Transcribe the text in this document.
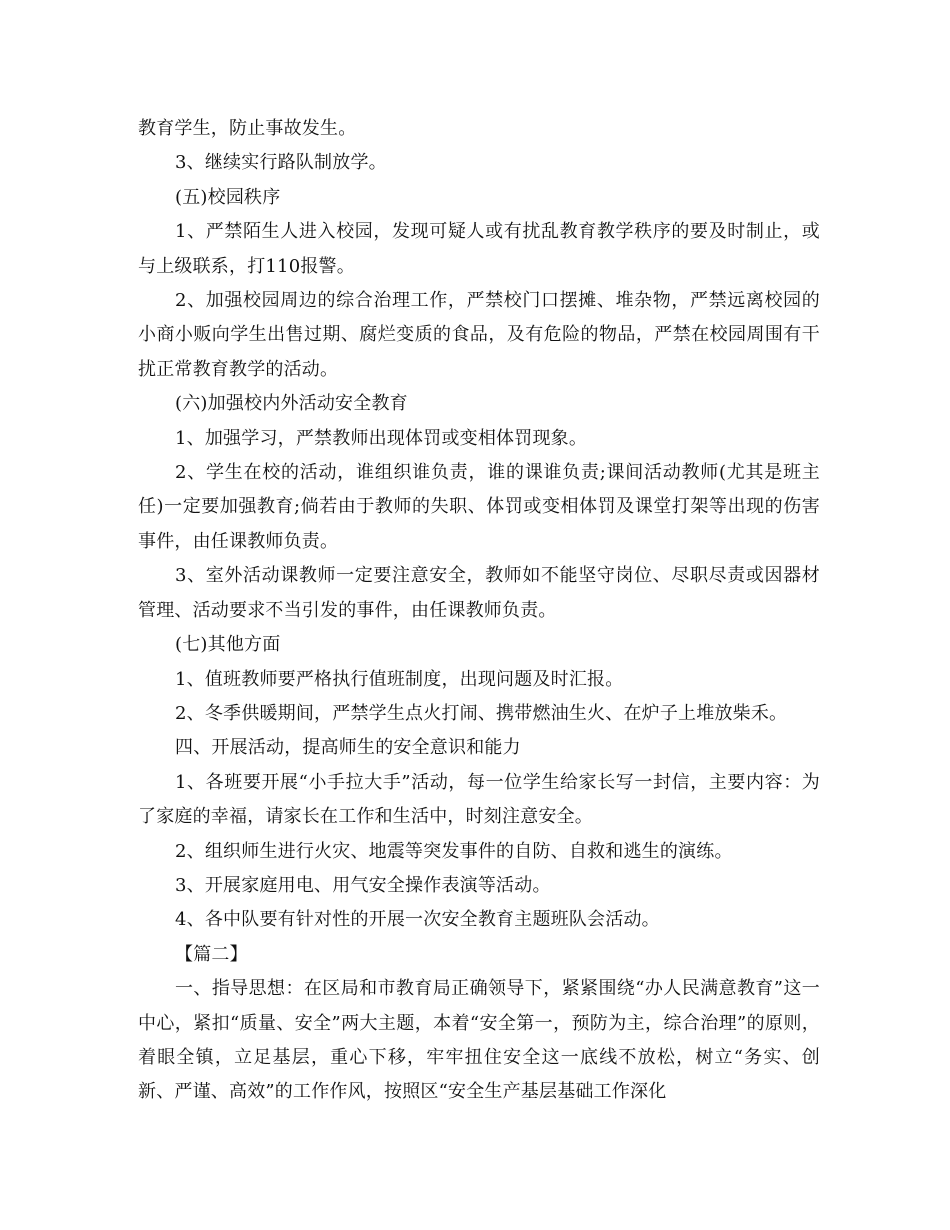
教育学生，防止事故发生。

3、继续实行路队制放学。

(五)校园秩序

1、严禁陌生人进入校园，发现可疑人或有扰乱教育教学秩序的要及时制止，或与上级联系，打110报警。

2、加强校园周边的综合治理工作，严禁校门口摆摊、堆杂物，严禁远离校园的小商小贩向学生出售过期、腐烂变质的食品，及有危险的物品，严禁在校园周围有干扰正常教育教学的活动。

(六)加强校内外活动安全教育

1、加强学习，严禁教师出现体罚或变相体罚现象。

2、学生在校的活动，谁组织谁负责，谁的课谁负责;课间活动教师(尤其是班主任)一定要加强教育;倘若由于教师的失职、体罚或变相体罚及课堂打架等出现的伤害事件，由任课教师负责。

3、室外活动课教师一定要注意安全，教师如不能坚守岗位、尽职尽责或因器材管理、活动要求不当引发的事件，由任课教师负责。

(七)其他方面

1、值班教师要严格执行值班制度，出现问题及时汇报。

2、冬季供暖期间，严禁学生点火打闹、携带燃油生火、在炉子上堆放柴禾。

四、开展活动，提高师生的安全意识和能力

1、各班要开展“小手拉大手”活动，每一位学生给家长写一封信，主要内容：为了家庭的幸福，请家长在工作和生活中，时刻注意安全。

2、组织师生进行火灾、地震等突发事件的自防、自救和逃生的演练。

3、开展家庭用电、用气安全操作表演等活动。

4、各中队要有针对性的开展一次安全教育主题班队会活动。

【篇二】

一、指导思想：在区局和市教育局正确领导下，紧紧围绕“办人民满意教育”这一中心，紧扣“质量、安全”两大主题，本着“安全第一，预防为主，综合治理”的原则，着眼全镇，立足基层，重心下移，牢牢扭住安全这一底线不放松，树立“务实、创新、严谨、高效”的工作作风，按照区“安全生产基层基础工作深化
